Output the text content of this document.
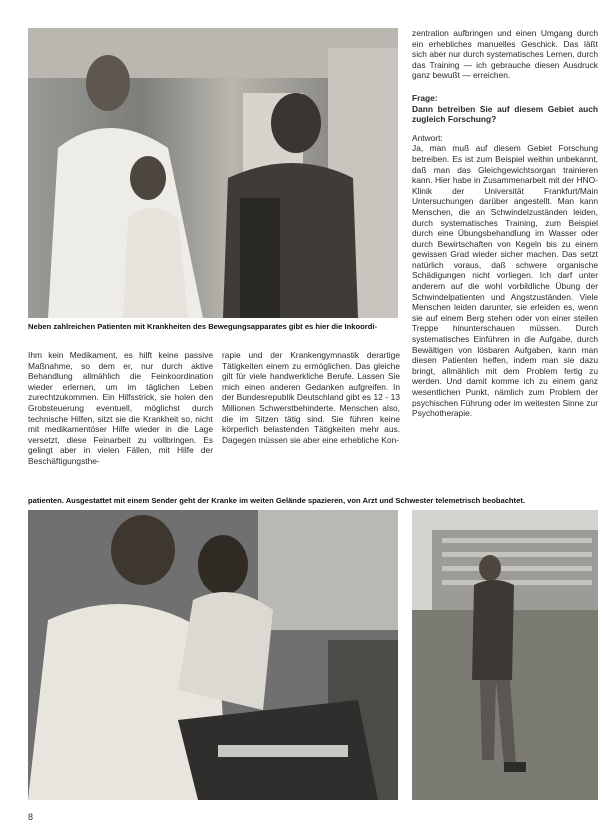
Neben zahlreichen Patienten mit Krankheiten des Bewegungsapparates gibt es hier die Inkoordi-
Ihm kein Medikament, es hilft keine passive Maßnahme, so dem er, nur durch aktive Behandlung allmählich die Feinkoordination wieder erlernen, um im täglichen Leben zurechtzukommen. Ein Hilfsstrick, sie holen den Grobsteuerung eventuell, möglichst durch technische Hilfen, sitzt sie die Krankheit so, nicht mit medikamentöser Hilfe wieder in die Lage versetzt, diese Feinarbeit zu vollbringen. Es gelingt aber in vielen Fällen, mit Hilfe der Beschäftigungsthe-
rapie und der Krankengymnastik derartige Tätigkeiten einem zu ermöglichen. Das gleiche gilt für viele handwerkliche Berufe. Lassen Sie mich einen anderen Gedanken aufgreifen. In der Bundesrepublik Deutschland gibt es 12 - 13 Millionen Schwerstbehinderte. Menschen also, die im Sitzen tätig sind. Sie führen keine körperlich belastenden Tätigkeiten mehr aus. Dagegen müssen sie aber eine erhebliche Kon-

zentration aufbringen und einen Umgang durch ein erhebliches manuelles Geschick. Das läßt sich aber nur durch systematisches Lernen, durch das Training — ich gebrauche diesen Ausdruck ganz bewußt — erreichen.

Frage:

Dann betreiben Sie auf diesem Gebiet auch zugleich Forschung?

Antwort:

Ja, man muß auf diesem Gebiet Forschung betreiben. Es ist zum Beispiel weithin unbekannt, daß man das Gleichgewichtsorgan trainieren kann. Hier habe in Zusammenarbeit mit der HNO-Klinik der Universität Frankfurt/Main Untersuchungen darüber angestellt. Man kann Menschen, die an Schwindelzuständen leiden, durch systematisches Training, zum Beispiel durch eine Übungsbehandlung im Wasser oder durch Bewirtschaften von Kegeln bis zu einem gewissen Grad wieder sicher machen. Das setzt natürlich voraus, daß schwere organische Schädigungen nicht vorliegen. Ich darf unter anderem auf die wohl vorbildliche Übung der Schwindelpatienten und Angstzuständen. Viele Menschen leiden darunter, sie erleiden es, wenn sie auf einem Berg stehen oder von einer steilen Treppe hinunterschauen müssen. Durch systematisches Einführen in die Aufgabe, durch Bewältigen von lösbaren Aufgaben, kann man diesen Patienten helfen, indem man sie dazu bringt, allmählich mit dem Problem fertig zu werden. Und damit komme ich zu einem ganz wesentlichen Punkt, nämlich zum Problem der psychischen Führung oder im weitesten Sinne zur Psychotherapie.

patienten. Ausgestattet mit einem Sender geht der Kranke im weiten Gelände spazieren, von Arzt und Schwester telemetrisch beobachtet.
8
